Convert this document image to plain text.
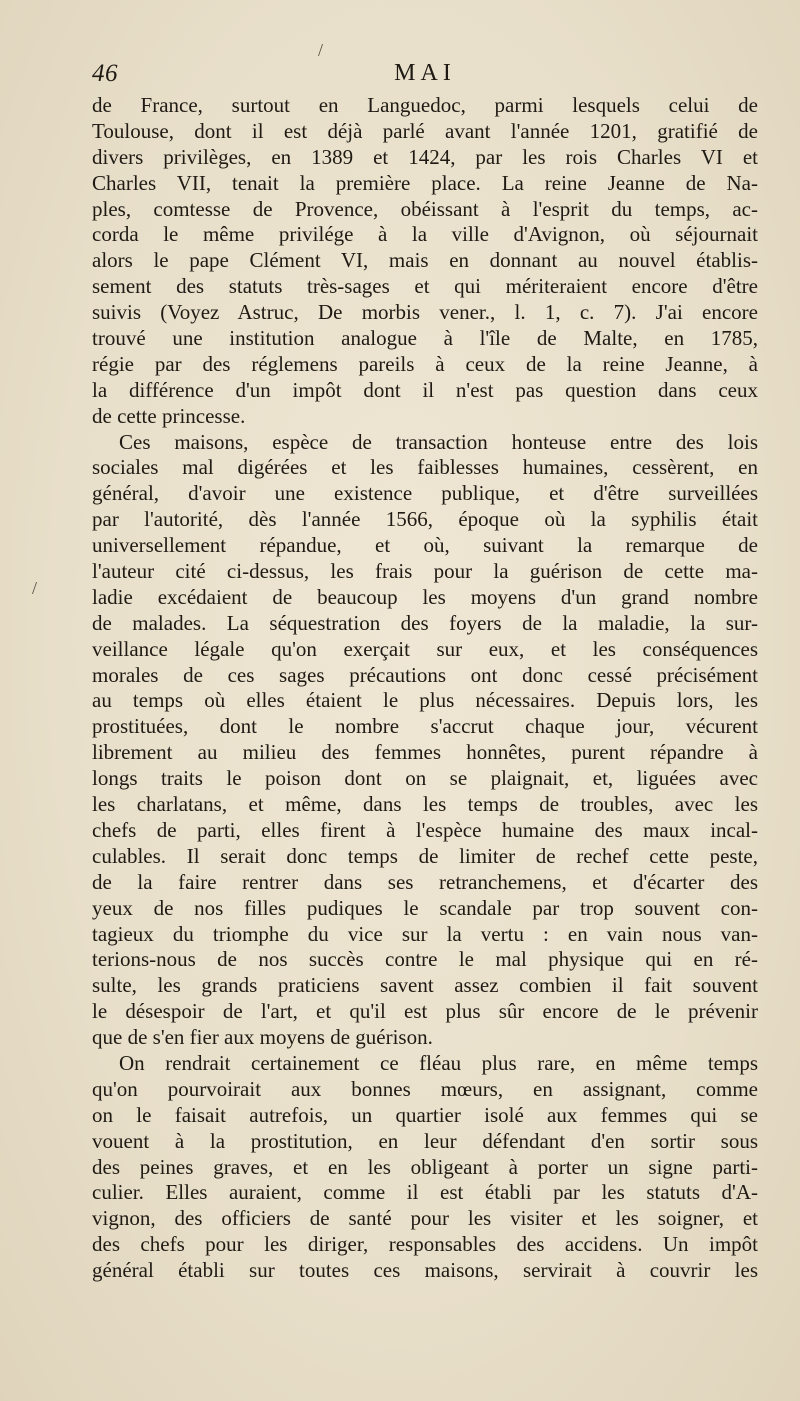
46	MAI
/
/
de France, surtout en Languedoc, parmi lesquels celui de
Toulouse, dont il est déjà parlé avant l'année 1201, gratifié de
divers privilèges, en 1389 et 1424, par les rois Charles VI et
Charles VII, tenait la première place. La reine Jeanne de Na-
ples, comtesse de Provence, obéissant à l'esprit du temps, ac-
corda le même privilége à la ville d'Avignon, où séjournait
alors le pape Clément VI, mais en donnant au nouvel établis-
sement des statuts très-sages et qui mériteraient encore d'être
suivis (Voyez Astruc, De morbis vener., l. 1, c. 7). J'ai encore
trouvé une institution analogue à l'île de Malte, en 1785,
régie par des réglemens pareils à ceux de la reine Jeanne, à
la différence d'un impôt dont il n'est pas question dans ceux
de cette princesse.
Ces maisons, espèce de transaction honteuse entre des lois
sociales mal digérées et les faiblesses humaines, cessèrent, en
général, d'avoir une existence publique, et d'être surveillées
par l'autorité, dès l'année 1566, époque où la syphilis était
universellement répandue, et où, suivant la remarque de
l'auteur cité ci-dessus, les frais pour la guérison de cette ma-
ladie excédaient de beaucoup les moyens d'un grand nombre
de malades. La séquestration des foyers de la maladie, la sur-
veillance légale qu'on exerçait sur eux, et les conséquences
morales de ces sages précautions ont donc cessé précisément
au temps où elles étaient le plus nécessaires. Depuis lors, les
prostituées, dont le nombre s'accrut chaque jour, vécurent
librement au milieu des femmes honnêtes, purent répandre à
longs traits le poison dont on se plaignait, et, liguées avec
les charlatans, et même, dans les temps de troubles, avec les
chefs de parti, elles firent à l'espèce humaine des maux incal-
culables. Il serait donc temps de limiter de rechef cette peste,
de la faire rentrer dans ses retranchemens, et d'écarter des
yeux de nos filles pudiques le scandale par trop souvent con-
tagieux du triomphe du vice sur la vertu : en vain nous van-
terions-nous de nos succès contre le mal physique qui en ré-
sulte, les grands praticiens savent assez combien il fait souvent
le désespoir de l'art, et qu'il est plus sûr encore de le prévenir
que de s'en fier aux moyens de guérison.
On rendrait certainement ce fléau plus rare, en même temps
qu'on pourvoirait aux bonnes mœurs, en assignant, comme
on le faisait autrefois, un quartier isolé aux femmes qui se
vouent à la prostitution, en leur défendant d'en sortir sous
des peines graves, et en les obligeant à porter un signe parti-
culier. Elles auraient, comme il est établi par les statuts d'A-
vignon, des officiers de santé pour les visiter et les soigner, et
des chefs pour les diriger, responsables des accidens. Un impôt
général établi sur toutes ces maisons, servirait à couvrir les
